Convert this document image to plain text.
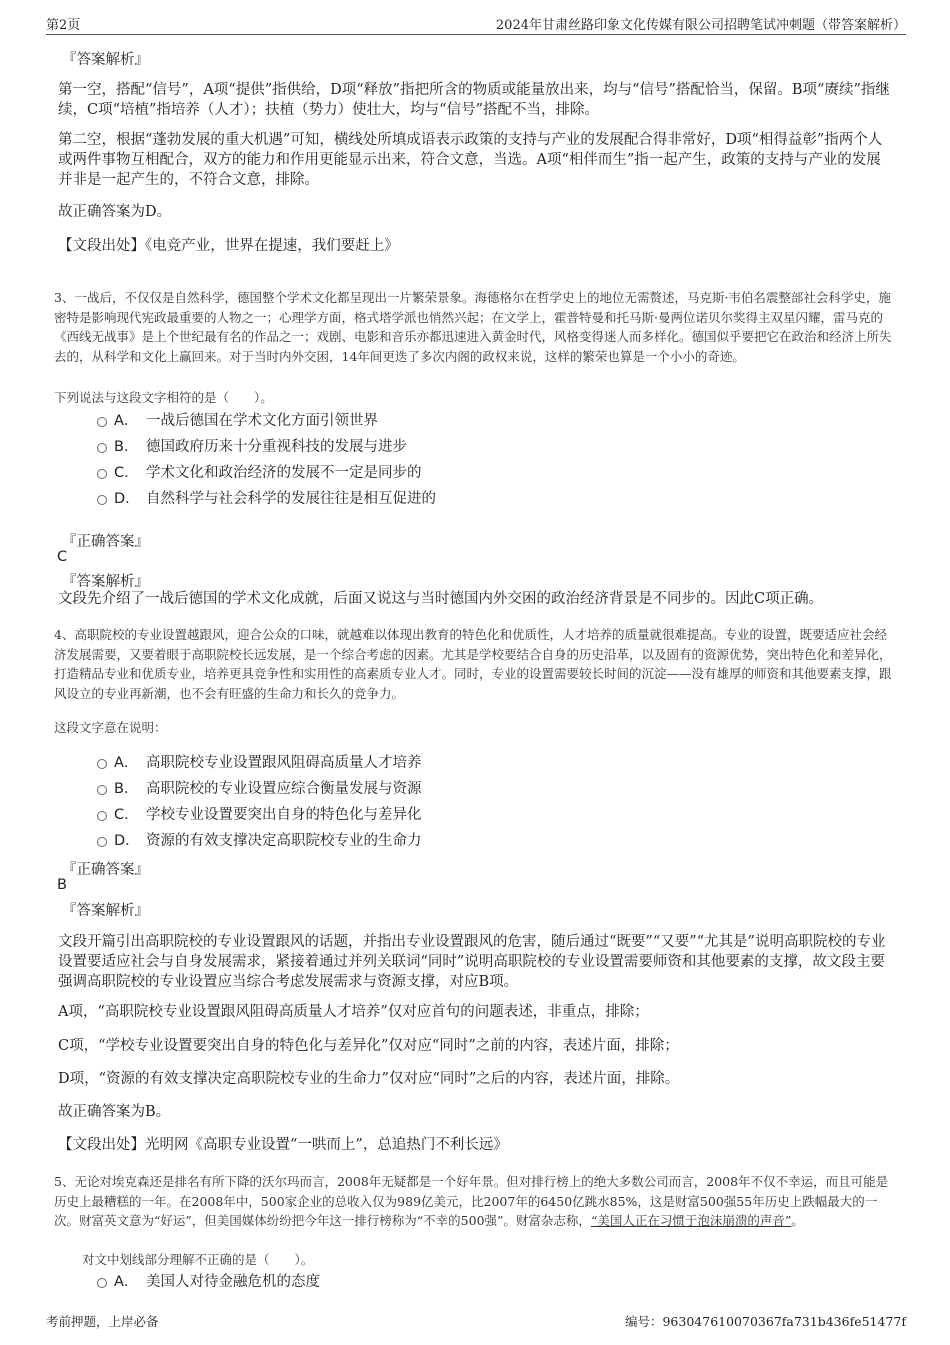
第2页	2024年甘肃丝路印象文化传媒有限公司招聘笔试冲刺题（带答案解析）
『答案解析』
第一空，搭配“信号”，A项“提供”指供给，D项“释放”指把所含的物质或能量放出来，均与“信号”搭配恰当，保留。B项“赓续”指继续，C项“培植”指培养（人才）；扶植（势力）使壮大，均与“信号”搭配不当，排除。
第二空，根据“蓬勃发展的重大机遇”可知，横线处所填成语表示政策的支持与产业的发展配合得非常好，D项“相得益彰”指两个人或两件事物互相配合，双方的能力和作用更能显示出来，符合文意，当选。A项“相伴而生”指一起产生，政策的支持与产业的发展并非是一起产生的，不符合文意，排除。
故正确答案为D。
【文段出处】《电竞产业，世界在提速，我们要赶上》
3、一战后，不仅仅是自然科学，德国整个学术文化都呈现出一片繁荣景象。海德格尔在哲学史上的地位无需赘述，马克斯·韦伯名震整部社会科学史，施密特是影响现代宪政最重要的人物之一；心理学方面，格式塔学派也悄然兴起；在文学上，霍普特曼和托马斯·曼两位诺贝尔奖得主双星闪耀，雷马克的《西线无战事》是上个世纪最有名的作品之一；戏剧、电影和音乐亦都迅速进入黄金时代，风格变得迷人而多样化。德国似乎要把它在政治和经济上所失去的，从科学和文化上赢回来。对于当时内外交困，14年间更迭了多次内阁的政权来说，这样的繁荣也算是一个小小的奇迹。
下列说法与这段文字相符的是（　　）。
A． 一战后德国在学术文化方面引领世界
B． 德国政府历来十分重视科技的发展与进步
C． 学术文化和政治经济的发展不一定是同步的
D． 自然科学与社会科学的发展往往是相互促进的
『正确答案』
C
『答案解析』
文段先介绍了一战后德国的学术文化成就，后面又说这与当时德国内外交困的政治经济背景是不同步的。因此C项正确。
4、高职院校的专业设置越跟风，迎合公众的口味，就越难以体现出教育的特色化和优质性，人才培养的质量就很难提高。专业的设置，既要适应社会经济发展需要，又要着眼于高职院校长远发展，是一个综合考虑的因素。尤其是学校要结合自身的历史沿革，以及固有的资源优势，突出特色化和差异化，打造精品专业和优质专业，培养更具竞争性和实用性的高素质专业人才。同时，专业的设置需要较长时间的沉淀——没有雄厚的师资和其他要素支撑，跟风设立的专业再新潮，也不会有旺盛的生命力和长久的竞争力。
这段文字意在说明：
A． 高职院校专业设置跟风阻碍高质量人才培养
B． 高职院校的专业设置应综合衡量发展与资源
C． 学校专业设置要突出自身的特色化与差异化
D． 资源的有效支撑决定高职院校专业的生命力
『正确答案』
B
『答案解析』
文段开篇引出高职院校的专业设置跟风的话题，并指出专业设置跟风的危害，随后通过“既要”“又要”“尤其是”说明高职院校的专业设置要适应社会与自身发展需求，紧接着通过并列关联词“同时”说明高职院校的专业设置需要师资和其他要素的支撑，故文段主要强调高职院校的专业设置应当综合考虑发展需求与资源支撑，对应B项。
A项，“高职院校专业设置跟风阻碍高质量人才培养”仅对应首句的问题表述，非重点，排除；
C项，“学校专业设置要突出自身的特色化与差异化”仅对应“同时”之前的内容，表述片面，排除；
D项，“资源的有效支撑决定高职院校专业的生命力”仅对应“同时”之后的内容，表述片面，排除。
故正确答案为B。
【文段出处】光明网《高职专业设置“一哄而上”，总追热门不利长远》
5、无论对埃克森还是排名有所下降的沃尔玛而言，2008年无疑都是一个好年景。但对排行榜上的绝大多数公司而言，2008年不仅不幸运，而且可能是历史上最糟糕的一年。在2008年中，500家企业的总收入仅为989亿美元，比2007年的6450亿跳水85%，这是财富500强55年历史上跌幅最大的一次。财富英文意为“好运”，但美国媒体纷纷把今年这一排行榜称为“不幸的500强”。财富杂志称，“美国人正在习惯于泡沫崩溃的声音”。
对文中划线部分理解不正确的是（　　）。
A． 美国人对待金融危机的态度
考前押题，上岸必备	编号：963047610070367fa731b436fe51477f
